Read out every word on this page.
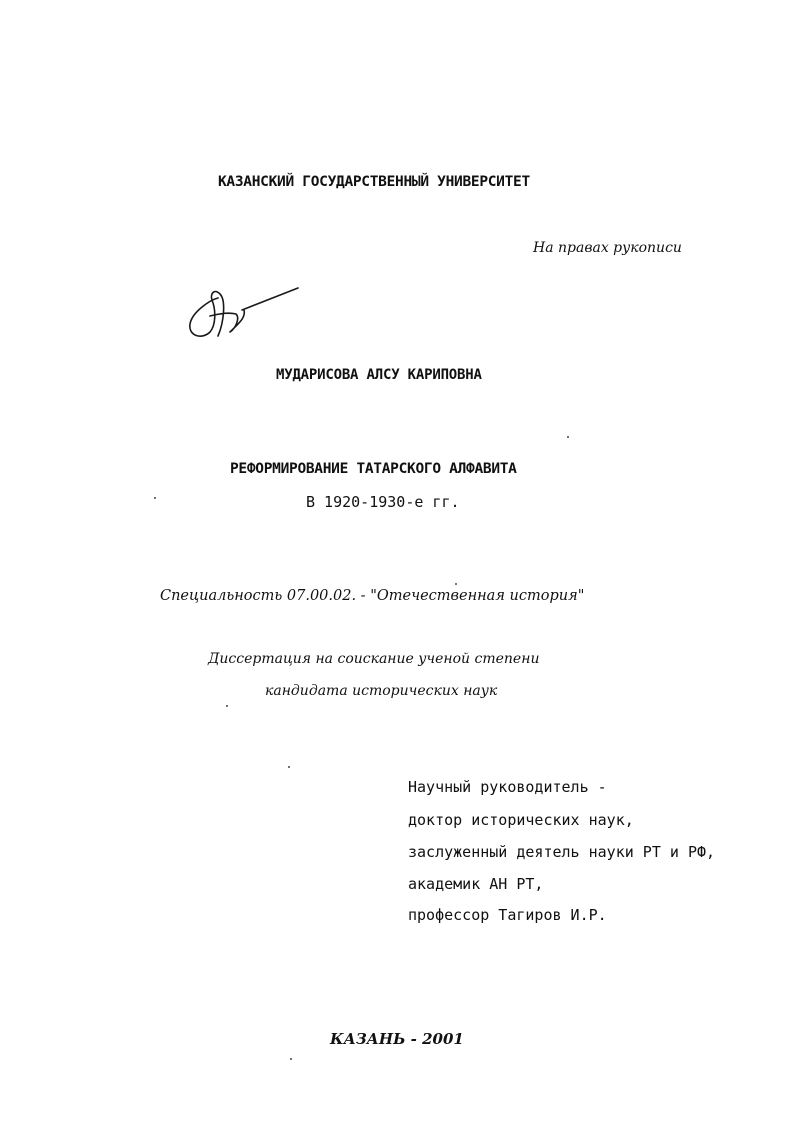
КАЗАНСКИЙ ГОСУДАРСТВЕННЫЙ УНИВЕРСИТЕТ

На правах рукописи

МУДАРИСОВА АЛСУ КАРИПОВНА

РЕФОРМИРОВАНИЕ ТАТАРСКОГО АЛФАВИТА

В 1920-1930-е гг.

Специальность 07.00.02. - "Отечественная история"

Диссертация на соискание ученой степени

кандидата исторических наук

Научный руководитель -

доктор исторических наук,

заслуженный деятель науки РТ и РФ,

академик АН РТ,

профессор Тагиров И.Р.

КАЗАНЬ - 2001
